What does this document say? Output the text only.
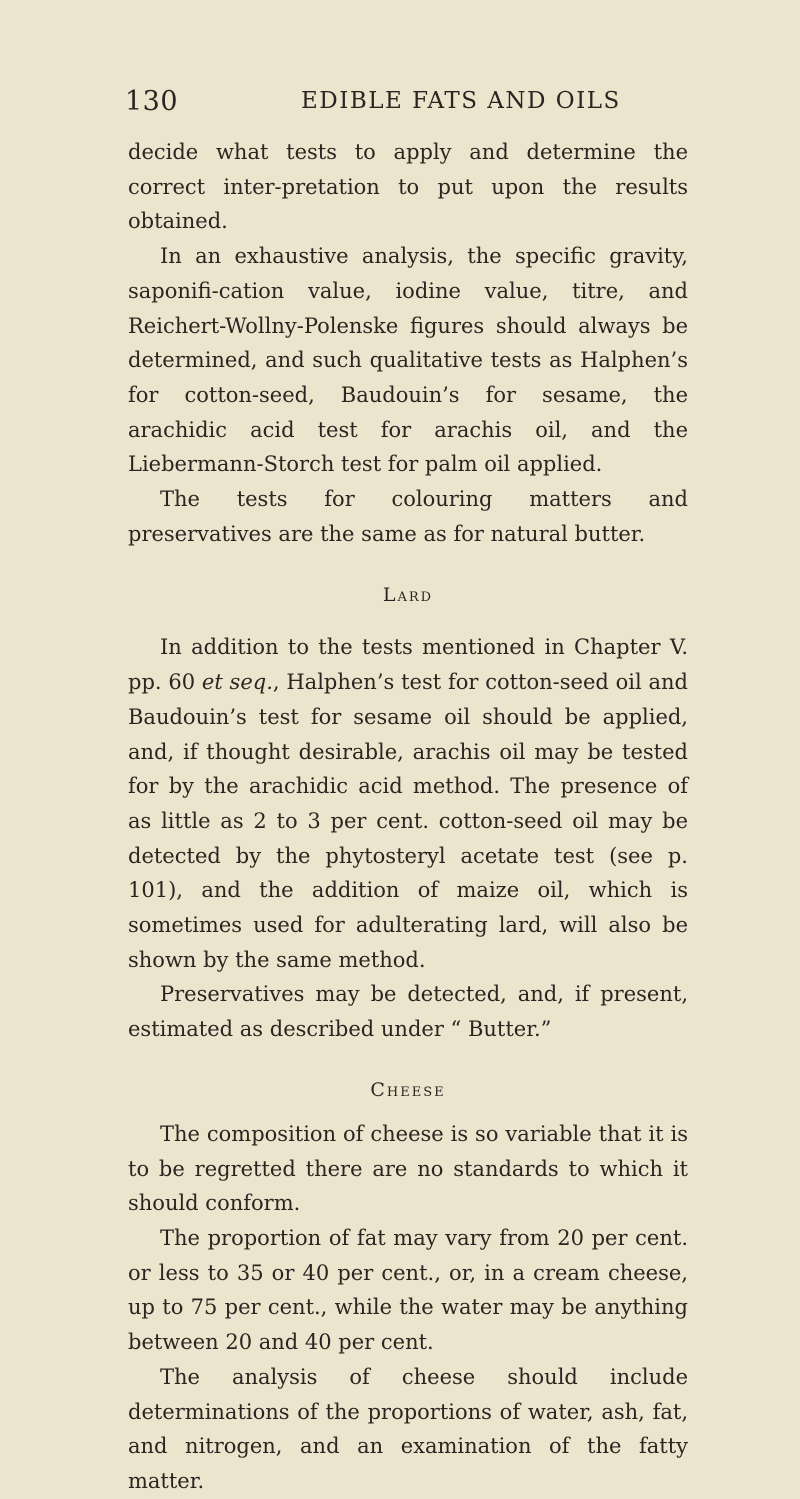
130	EDIBLE FATS AND OILS

decide what tests to apply and determine the correct inter-pretation to put upon the results obtained.

In an exhaustive analysis, the specific gravity, saponifi-cation value, iodine value, titre, and Reichert-Wollny-Polenske figures should always be determined, and such qualitative tests as Halphen’s for cotton-seed, Baudouin’s for sesame, the arachidic acid test for arachis oil, and the Liebermann-Storch test for palm oil applied.

The tests for colouring matters and preservatives are the same as for natural butter.

Lard

In addition to the tests mentioned in Chapter V. pp. 60 et seq., Halphen’s test for cotton-seed oil and Baudouin’s test for sesame oil should be applied, and, if thought desirable, arachis oil may be tested for by the arachidic acid method. The presence of as little as 2 to 3 per cent. cotton-seed oil may be detected by the phytosteryl acetate test (see p. 101), and the addition of maize oil, which is sometimes used for adulterating lard, will also be shown by the same method.

Preservatives may be detected, and, if present, estimated as described under “ Butter.”

Cheese

The composition of cheese is so variable that it is to be regretted there are no standards to which it should conform.

The proportion of fat may vary from 20 per cent. or less to 35 or 40 per cent., or, in a cream cheese, up to 75 per cent., while the water may be anything between 20 and 40 per cent.

The analysis of cheese should include determinations of the proportions of water, ash, fat, and nitrogen, and an examination of the fatty matter.
